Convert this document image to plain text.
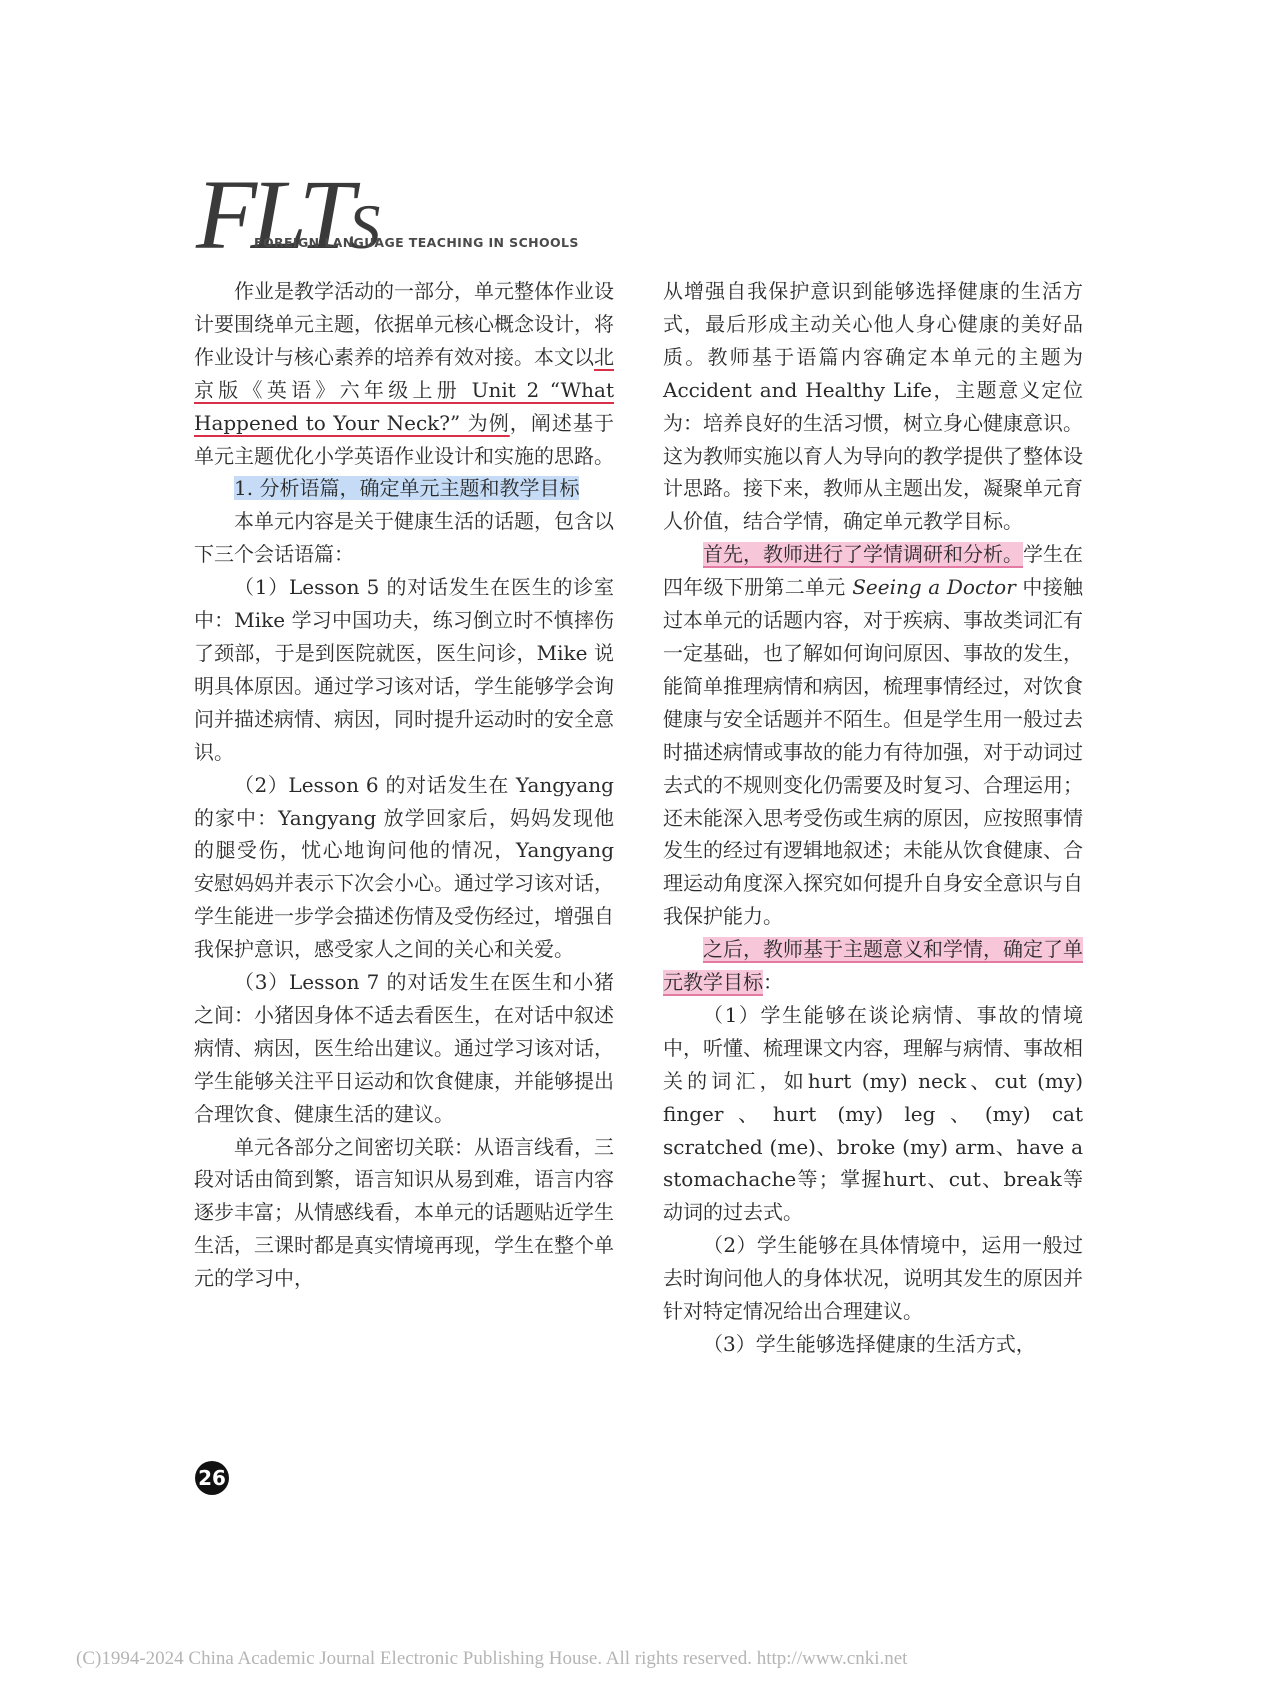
FLTS
FOREIGN LANGUAGE TEACHING IN SCHOOLS

作业是教学活动的一部分，单元整体作业设计要围绕单元主题，依据单元核心概念设计，将作业设计与核心素养的培养有效对接。本文以北京版《英语》六年级上册 Unit 2 “What Happened to Your Neck?” 为例，阐述基于单元主题优化小学英语作业设计和实施的思路。

1. 分析语篇，确定单元主题和教学目标

本单元内容是关于健康生活的话题，包含以下三个会话语篇：

（1）Lesson 5 的对话发生在医生的诊室中：Mike 学习中国功夫，练习倒立时不慎摔伤了颈部，于是到医院就医，医生问诊，Mike 说明具体原因。通过学习该对话，学生能够学会询问并描述病情、病因，同时提升运动时的安全意识。

（2）Lesson 6 的对话发生在 Yangyang 的家中：Yangyang 放学回家后，妈妈发现他的腿受伤，忧心地询问他的情况，Yangyang 安慰妈妈并表示下次会小心。通过学习该对话，学生能进一步学会描述伤情及受伤经过，增强自我保护意识，感受家人之间的关心和关爱。

（3）Lesson 7 的对话发生在医生和小猪之间：小猪因身体不适去看医生，在对话中叙述病情、病因，医生给出建议。通过学习该对话，学生能够关注平日运动和饮食健康，并能够提出合理饮食、健康生活的建议。

单元各部分之间密切关联：从语言线看，三段对话由简到繁，语言知识从易到难，语言内容逐步丰富；从情感线看，本单元的话题贴近学生生活，三课时都是真实情境再现，学生在整个单元的学习中，

从增强自我保护意识到能够选择健康的生活方式，最后形成主动关心他人身心健康的美好品质。教师基于语篇内容确定本单元的主题为 Accident and Healthy Life，主题意义定位为：培养良好的生活习惯，树立身心健康意识。这为教师实施以育人为导向的教学提供了整体设计思路。接下来，教师从主题出发，凝聚单元育人价值，结合学情，确定单元教学目标。

首先，教师进行了学情调研和分析。学生在四年级下册第二单元 Seeing a Doctor 中接触过本单元的话题内容，对于疾病、事故类词汇有一定基础，也了解如何询问原因、事故的发生，能简单推理病情和病因，梳理事情经过，对饮食健康与安全话题并不陌生。但是学生用一般过去时描述病情或事故的能力有待加强，对于动词过去式的不规则变化仍需要及时复习、合理运用；还未能深入思考受伤或生病的原因，应按照事情发生的经过有逻辑地叙述；未能从饮食健康、合理运动角度深入探究如何提升自身安全意识与自我保护能力。

之后，教师基于主题意义和学情，确定了单元教学目标：

（1）学生能够在谈论病情、事故的情境中，听懂、梳理课文内容，理解与病情、事故相关的词汇，如hurt (my) neck、cut (my) finger、hurt (my) leg、(my) cat scratched (me)、broke (my) arm、have a stomachache等；掌握hurt、cut、break等动词的过去式。

（2）学生能够在具体情境中，运用一般过去时询问他人的身体状况，说明其发生的原因并针对特定情况给出合理建议。

（3）学生能够选择健康的生活方式，

26
(C)1994-2024 China Academic Journal Electronic Publishing House. All rights reserved. http://www.cnki.net
